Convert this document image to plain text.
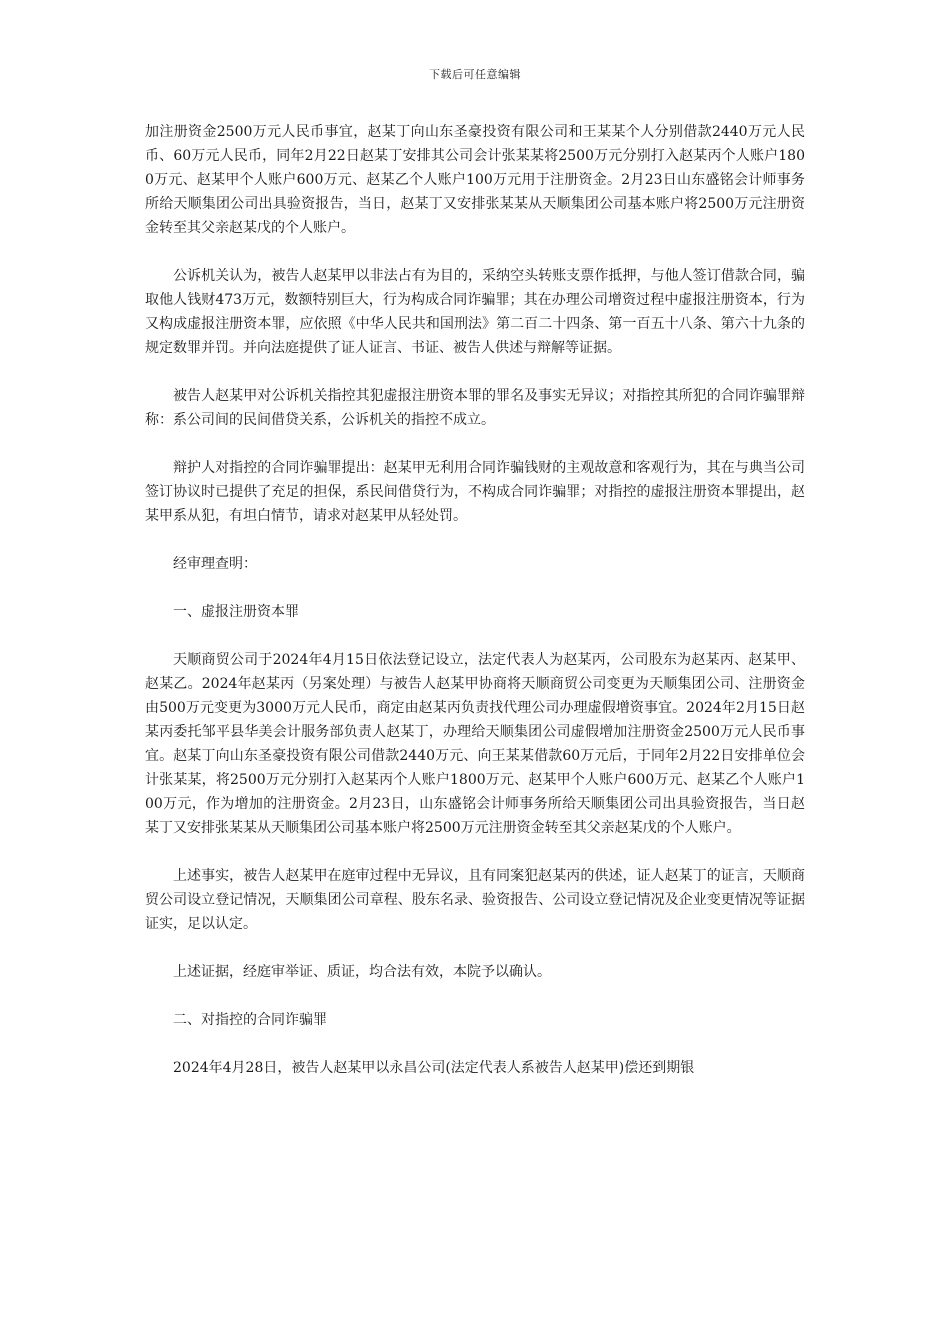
下载后可任意编辑

加注册资金2500万元人民币事宜，赵某丁向山东圣豪投资有限公司和王某某个人分别借款2440万元人民币、60万元人民币，同年2月22日赵某丁安排其公司会计张某某将2500万元分别打入赵某丙个人账户1800万元、赵某甲个人账户600万元、赵某乙个人账户100万元用于注册资金。2月23日山东盛铭会计师事务所给天顺集团公司出具验资报告，当日，赵某丁又安排张某某从天顺集团公司基本账户将2500万元注册资金转至其父亲赵某戊的个人账户。

公诉机关认为，被告人赵某甲以非法占有为目的，采纳空头转账支票作抵押，与他人签订借款合同，骗取他人钱财473万元，数额特别巨大，行为构成合同诈骗罪；其在办理公司增资过程中虚报注册资本，行为又构成虚报注册资本罪，应依照《中华人民共和国刑法》第二百二十四条、第一百五十八条、第六十九条的规定数罪并罚。并向法庭提供了证人证言、书证、被告人供述与辩解等证据。

被告人赵某甲对公诉机关指控其犯虚报注册资本罪的罪名及事实无异议；对指控其所犯的合同诈骗罪辩称：系公司间的民间借贷关系，公诉机关的指控不成立。

辩护人对指控的合同诈骗罪提出：赵某甲无利用合同诈骗钱财的主观故意和客观行为，其在与典当公司签订协议时已提供了充足的担保，系民间借贷行为，不构成合同诈骗罪；对指控的虚报注册资本罪提出，赵某甲系从犯，有坦白情节，请求对赵某甲从轻处罚。

经审理查明：

一、虚报注册资本罪

天顺商贸公司于2024年4月15日依法登记设立，法定代表人为赵某丙，公司股东为赵某丙、赵某甲、赵某乙。2024年赵某丙（另案处理）与被告人赵某甲协商将天顺商贸公司变更为天顺集团公司、注册资金由500万元变更为3000万元人民币，商定由赵某丙负责找代理公司办理虚假增资事宜。2024年2月15日赵某丙委托邹平县华美会计服务部负责人赵某丁，办理给天顺集团公司虚假增加注册资金2500万元人民币事宜。赵某丁向山东圣豪投资有限公司借款2440万元、向王某某借款60万元后，于同年2月22日安排单位会计张某某，将2500万元分别打入赵某丙个人账户1800万元、赵某甲个人账户600万元、赵某乙个人账户100万元，作为增加的注册资金。2月23日，山东盛铭会计师事务所给天顺集团公司出具验资报告，当日赵某丁又安排张某某从天顺集团公司基本账户将2500万元注册资金转至其父亲赵某戊的个人账户。

上述事实，被告人赵某甲在庭审过程中无异议，且有同案犯赵某丙的供述，证人赵某丁的证言，天顺商贸公司设立登记情况，天顺集团公司章程、股东名录、验资报告、公司设立登记情况及企业变更情况等证据证实，足以认定。

上述证据，经庭审举证、质证，均合法有效，本院予以确认。

二、对指控的合同诈骗罪

2024年4月28日，被告人赵某甲以永昌公司(法定代表人系被告人赵某甲)偿还到期银
